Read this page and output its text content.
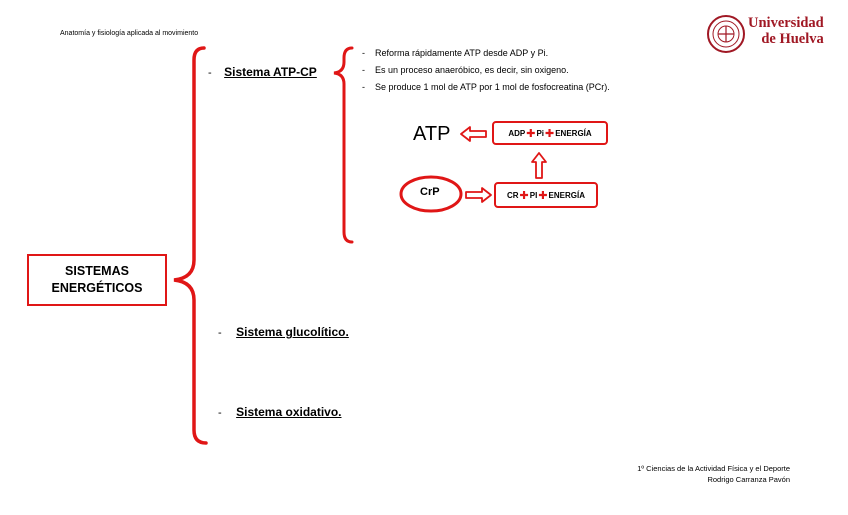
Anatomía y fisiología aplicada al movimiento
Universidad
de Huelva
SISTEMAS
ENERGÉTICOS
- Sistema ATP-CP
- Sistema glucolítico.
- Sistema oxidativo.
-    Reforma rápidamente ATP desde ADP y Pi.
-    Es un proceso anaeróbico, es decir, sin oxigeno.
-    Se produce 1 mol de ATP por 1 mol de fosfocreatina (PCr).
ATP	ADP ✚ Pi ✚ ENERGÍA
CrP	CR ✚ PI ✚ ENERGÍA
1º Ciencias de la Actividad Física y el Deporte
Rodrigo Carranza Pavón
